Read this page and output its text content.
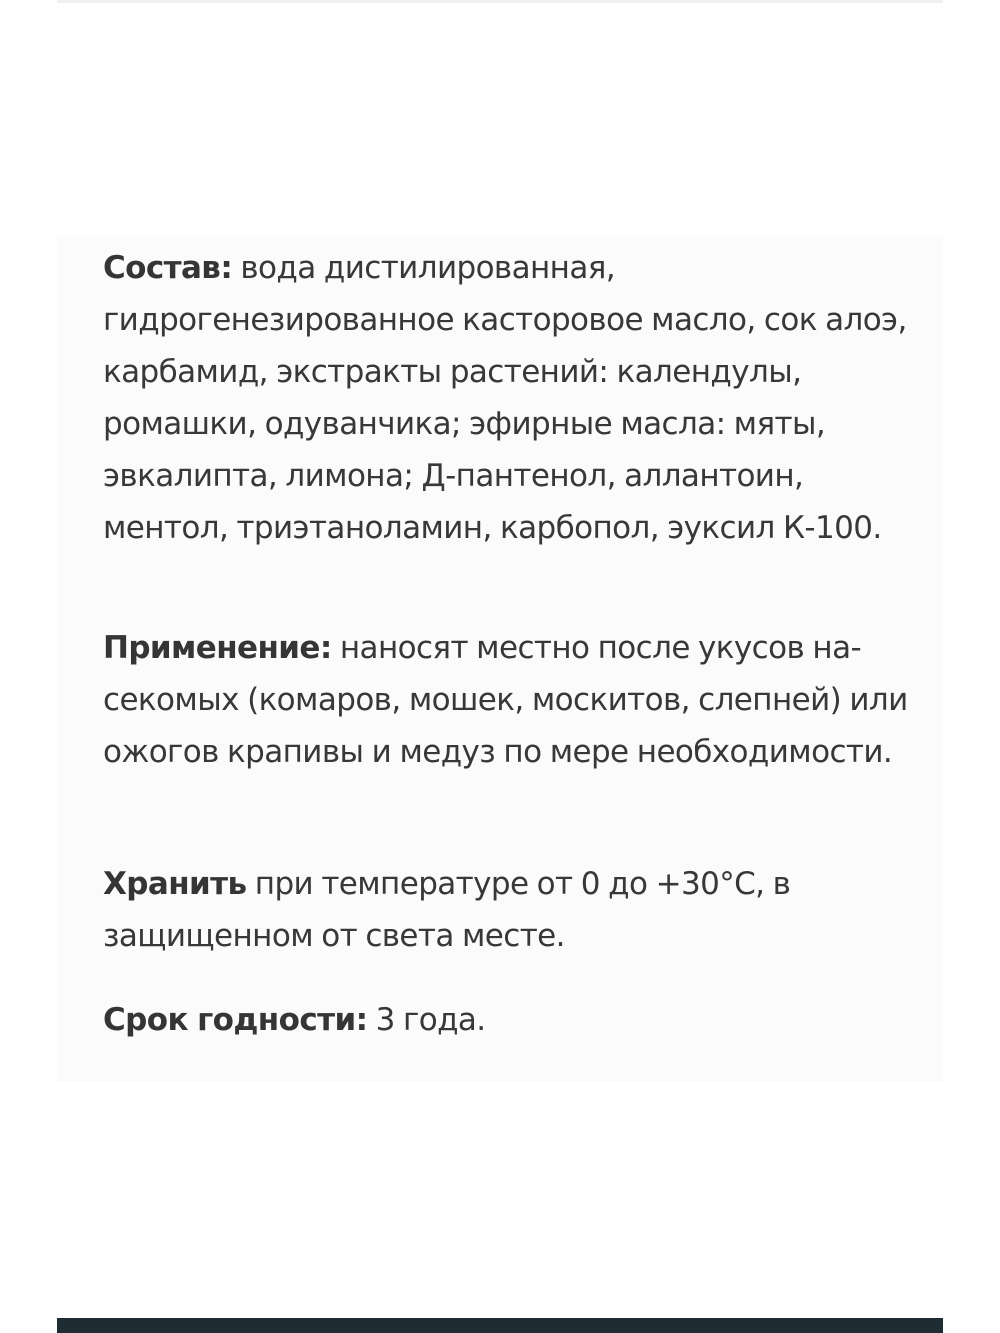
Состав: вода дистилированная, гидрогенезированное касторовое масло, сок алоэ, карбамид, экстракты растений: календулы, ромашки, одуванчика; эфирные масла: мяты, эвкалипта, лимона; Д-пантенол, аллантоин, ментол, триэтаноламин, карбопол, эуксил К-100.

Применение: наносят местно после укусов насекомых (комаров, мошек, москитов, слепней) или ожогов крапивы и медуз по мере необходимости.

Хранить при температуре от 0 до +30°С, в защищенном от света месте.

Срок годности: 3 года.
